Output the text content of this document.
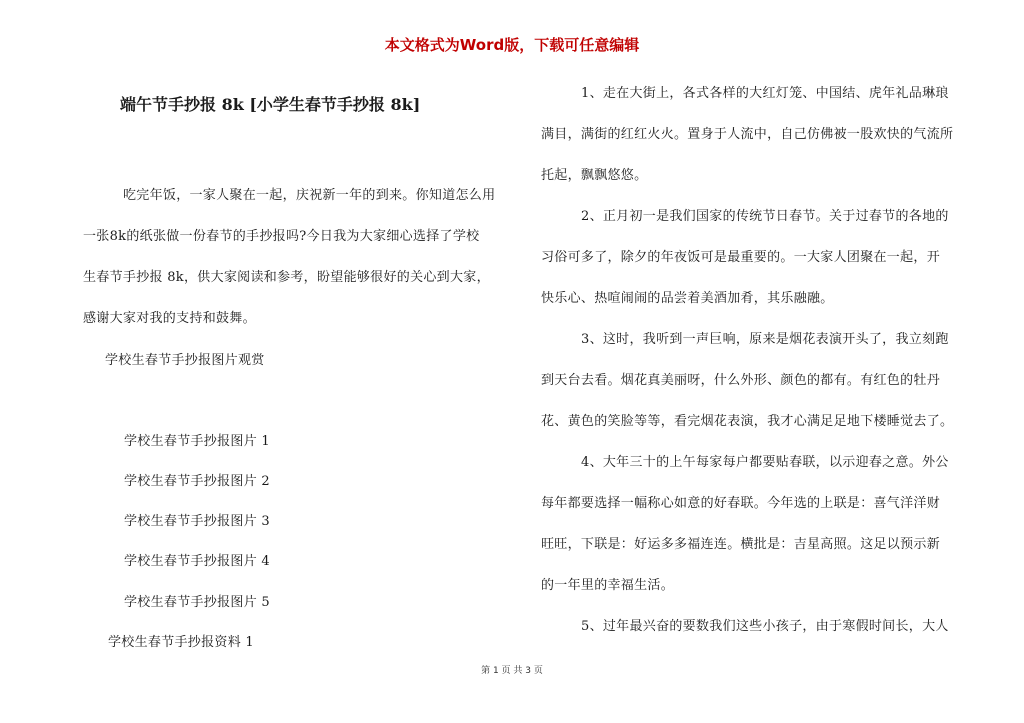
本文格式为Word版，下载可任意编辑
端午节手抄报 8k [小学生春节手抄报 8k]
吃完年饭，一家人聚在一起，庆祝新一年的到来。你知道怎么用
一张8k的纸张做一份春节的手抄报吗?今日我为大家细心选择了学校
生春节手抄报 8k，供大家阅读和参考，盼望能够很好的关心到大家，
感谢大家对我的支持和鼓舞。
学校生春节手抄报图片观赏
学校生春节手抄报图片 1
学校生春节手抄报图片 2
学校生春节手抄报图片 3
学校生春节手抄报图片 4
学校生春节手抄报图片 5
学校生春节手抄报资料 1
1、走在大街上，各式各样的大红灯笼、中国结、虎年礼品琳琅
满目，满街的红红火火。置身于人流中，自己仿佛被一股欢快的气流所
托起，飘飘悠悠。
2、正月初一是我们国家的传统节日春节。关于过春节的各地的
习俗可多了，除夕的年夜饭可是最重要的。一大家人团聚在一起，开
快乐心、热喧闹闹的品尝着美酒加肴，其乐融融。
3、这时，我听到一声巨响，原来是烟花表演开头了，我立刻跑
到天台去看。烟花真美丽呀，什么外形、颜色的都有。有红色的牡丹
花、黄色的笑脸等等，看完烟花表演，我才心满足足地下楼睡觉去了。
4、大年三十的上午每家每户都要贴春联，以示迎春之意。外公
每年都要选择一幅称心如意的好春联。今年选的上联是：喜气洋洋财
旺旺，下联是：好运多多福连连。横批是：吉星高照。这足以预示新
的一年里的幸福生活。
5、过年最兴奋的要数我们这些小孩子，由于寒假时间长，大人
第 1 页 共 3 页
